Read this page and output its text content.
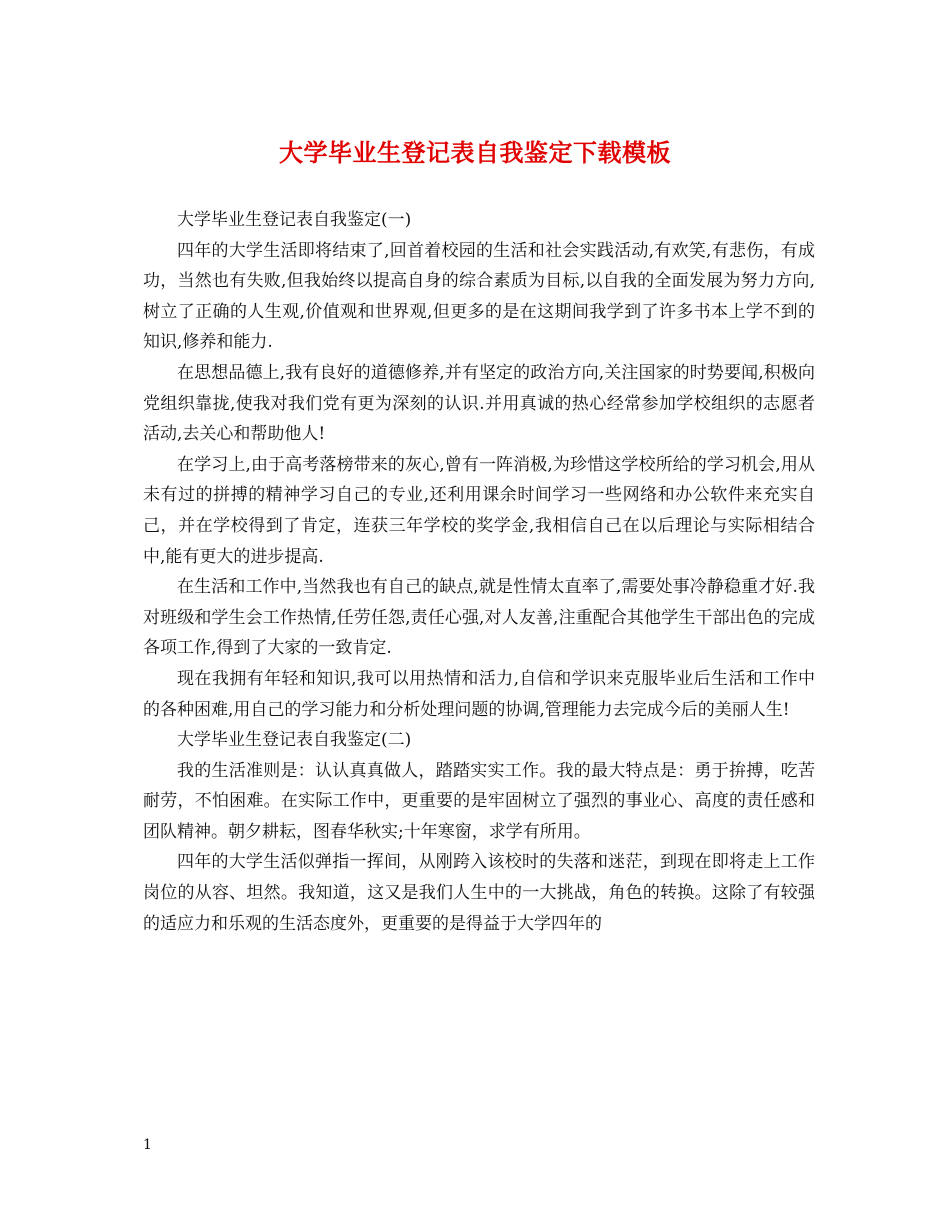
大学毕业生登记表自我鉴定下载模板

大学毕业生登记表自我鉴定(一)

四年的大学生活即将结束了,回首着校园的生活和社会实践活动,有欢笑,有悲伤，有成功，当然也有失败,但我始终以提高自身的综合素质为目标,以自我的全面发展为努力方向,树立了正确的人生观,价值观和世界观,但更多的是在这期间我学到了许多书本上学不到的知识,修养和能力.

在思想品德上,我有良好的道德修养,并有坚定的政治方向,关注国家的时势要闻,积极向党组织靠拢,使我对我们党有更为深刻的认识.并用真诚的热心经常参加学校组织的志愿者活动,去关心和帮助他人!

在学习上,由于高考落榜带来的灰心,曾有一阵消极,为珍惜这学校所给的学习机会,用从未有过的拼搏的精神学习自己的专业,还利用课余时间学习一些网络和办公软件来充实自己，并在学校得到了肯定，连获三年学校的奖学金,我相信自己在以后理论与实际相结合中,能有更大的进步提高.

在生活和工作中,当然我也有自己的缺点,就是性情太直率了,需要处事冷静稳重才好.我对班级和学生会工作热情,任劳任怨,责任心强,对人友善,注重配合其他学生干部出色的完成各项工作,得到了大家的一致肯定.

现在我拥有年轻和知识,我可以用热情和活力,自信和学识来克服毕业后生活和工作中的各种困难,用自己的学习能力和分析处理问题的协调,管理能力去完成今后的美丽人生!

大学毕业生登记表自我鉴定(二)

我的生活准则是：认认真真做人，踏踏实实工作。我的最大特点是：勇于拚搏，吃苦耐劳，不怕困难。在实际工作中，更重要的是牢固树立了强烈的事业心、高度的责任感和团队精神。朝夕耕耘，图春华秋实;十年寒窗，求学有所用。

四年的大学生活似弹指一挥间，从刚跨入该校时的失落和迷茫，到现在即将走上工作岗位的从容、坦然。我知道，这又是我们人生中的一大挑战，角色的转换。这除了有较强的适应力和乐观的生活态度外，更重要的是得益于大学四年的

1
